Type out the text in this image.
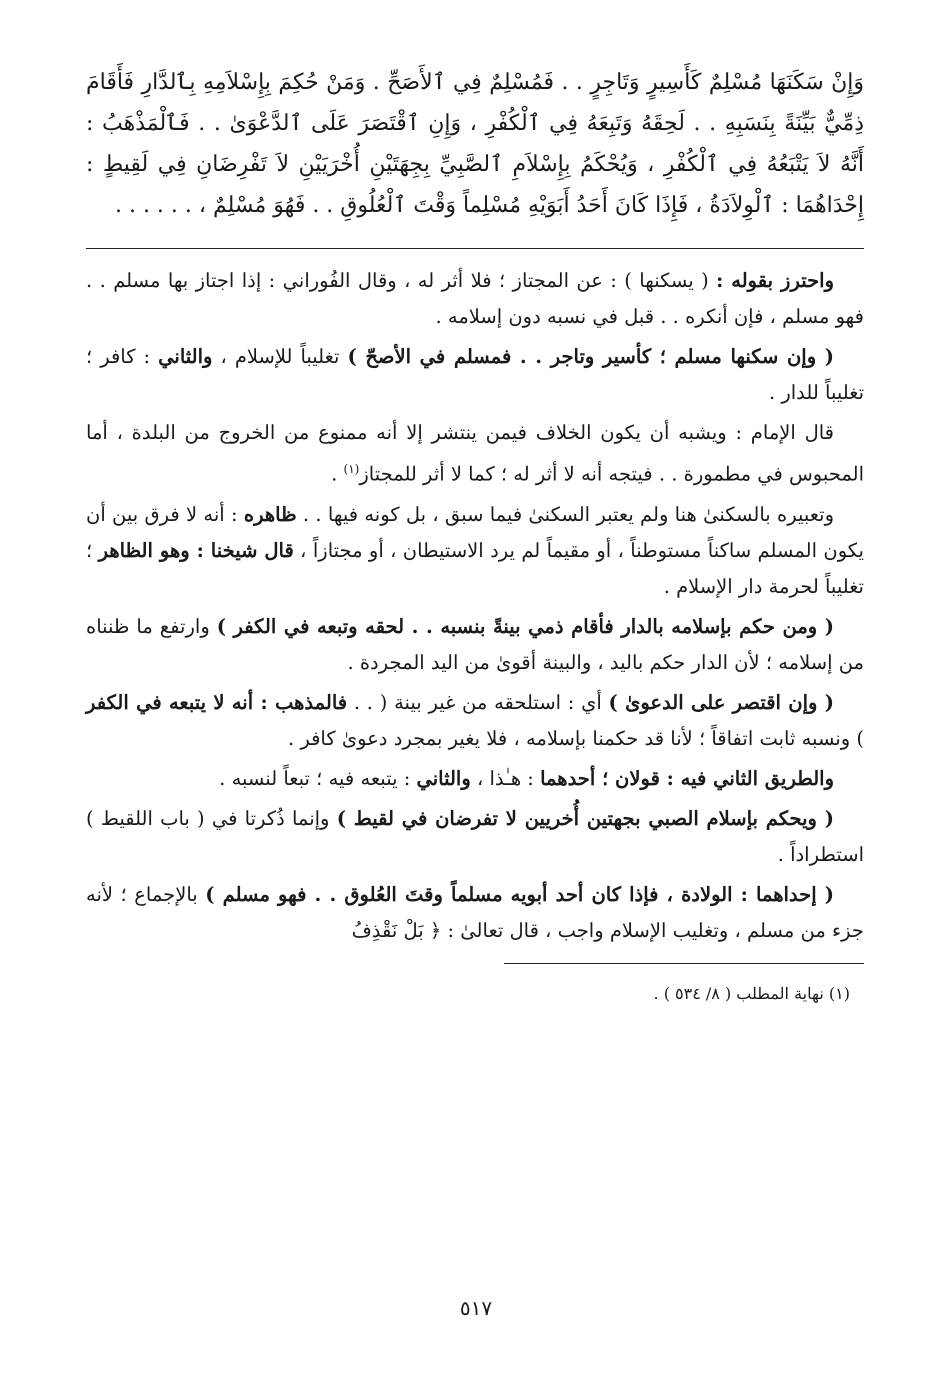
وَإِنْ سَكَنَهَا مُسْلِمٌ كَأَسِيرٍ وَتَاجِرٍ . . فَمُسْلِمٌ فِي ٱلأَصَحِّ . وَمَنْ حُكِمَ بِإِسْلاَمِهِ بِٱلدَّارِ فَأَقَامَ ذِمِّيٌّ بَيِّنَةً بِنَسَبِهِ . . لَحِقَهُ وَتَبِعَهُ فِي ٱلْكُفْرِ ، وَإِنِ ٱقْتَصَرَ عَلَى ٱلدَّعْوَىٰ . . فَٱلْمَذْهَبُ : أَنَّهُ لاَ يَتْبَعُهُ فِي ٱلْكُفْرِ ، وَيُحْكَمُ بِإِسْلاَمِ ٱلصَّبِيِّ بِجِهَتَيْنِ أُخْرَيَيْنِ لاَ تَفْرِضَانِ فِي لَقِيطٍ : إِحْدَاهُمَا : ٱلْوِلاَدَةُ ، فَإِذَا كَانَ أَحَدُ أَبَوَيْهِ مُسْلِماً وَقْتَ ٱلْعُلُوقِ . . فَهُوَ مُسْلِمٌ ، . . . . . .

واحترز بقوله : ( يسكنها ) : عن المجتاز ؛ فلا أثر له ، وقال الفُوراني : إذا اجتاز بها مسلم . . فهو مسلم ، فإن أنكره . . قبل في نسبه دون إسلامه .

( وإن سكنها مسلم ؛ كأسير وتاجر . . فمسلم في الأصحّ ) تغليباً للإسلام ، والثاني : كافر ؛ تغليباً للدار .

قال الإمام : ويشبه أن يكون الخلاف فيمن ينتشر إلا أنه ممنوع من الخروج من البلدة ، أما المحبوس في مطمورة . . فيتجه أنه لا أثر له ؛ كما لا أثر للمجتاز$^{(١)}$ .

وتعبيره بالسكنىٰ هنا ولم يعتبر السكنىٰ فيما سبق ، بل كونه فيها . . ظاهره : أنه لا فرق بين أن يكون المسلم ساكناً مستوطناً ، أو مقيماً لم يرد الاستيطان ، أو مجتازاً ، قال شيخنا : وهو الظاهر ؛ تغليباً لحرمة دار الإسلام .

( ومن حكم بإسلامه بالدار فأقام ذمي بينةً بنسبه . . لحقه وتبعه في الكفر ) وارتفع ما ظنناه من إسلامه ؛ لأن الدار حكم باليد ، والبينة أقوىٰ من اليد المجردة .

( وإن اقتصر على الدعوىٰ ) أي : استلحقه من غير بينة ( . . فالمذهب : أنه لا يتبعه في الكفر ) ونسبه ثابت اتفاقاً ؛ لأنا قد حكمنا بإسلامه ، فلا يغير بمجرد دعوىٰ كافر .

والطريق الثاني فيه : قولان ؛ أحدهما : هـٰذا ، والثاني : يتبعه فيه ؛ تبعاً لنسبه .

( ويحكم بإسلام الصبي بجهتين أُخريين لا تفرضان في لقيط ) وإنما ذُكرتا في ( باب اللقيط ) استطراداً .

( إحداهما : الولادة ، فإذا كان أحد أبويه مسلماً وقتَ العُلوق . . فهو مسلم ) بالإجماع ؛ لأنه جزء من مسلم ، وتغليب الإسلام واجب ، قال تعالىٰ : ﴿ بَلْ نَقْذِفُ

(١) نهاية المطلب ( ٨/ ٥٣٤ ) .

٥١٧
